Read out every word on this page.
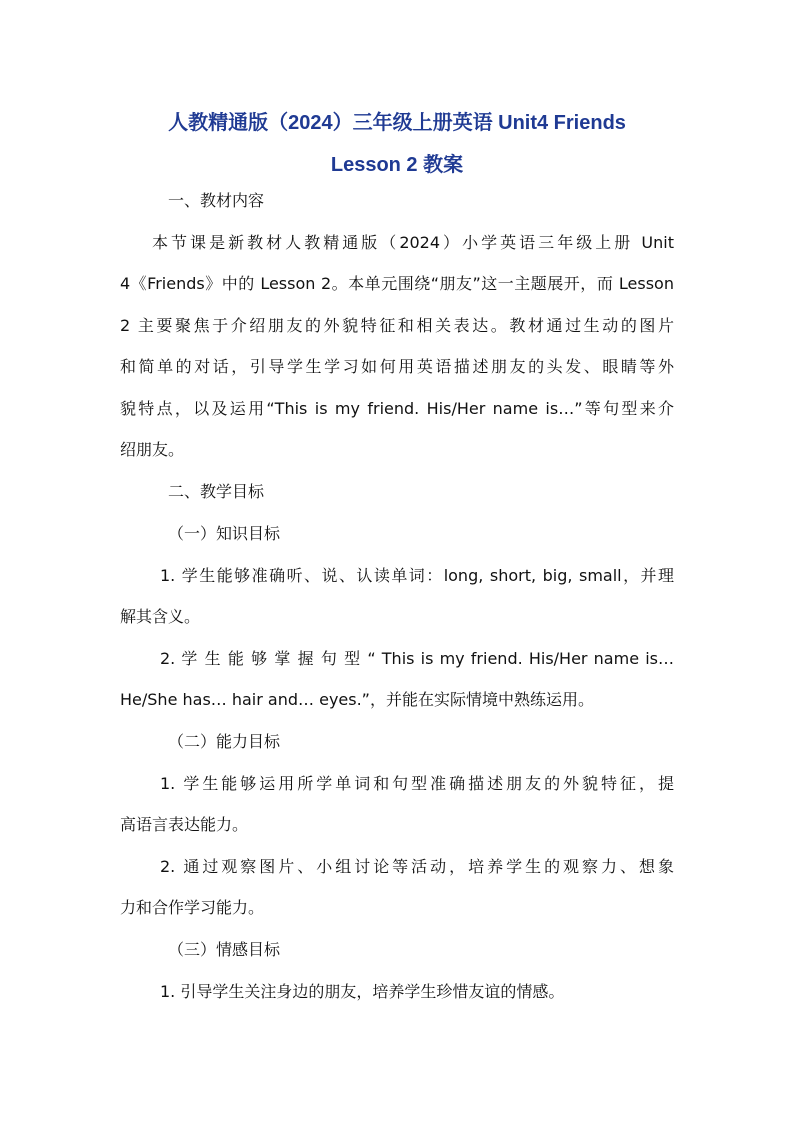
人教精通版（2024）三年级上册英语 Unit4 Friends
Lesson 2 教案
一、教材内容
本节课是新教材人教精通版（2024）小学英语三年级上册 Unit
4《Friends》中的 Lesson 2。本单元围绕“朋友”这一主题展开，而 Lesson
2 主要聚焦于介绍朋友的外貌特征和相关表达。教材通过生动的图片
和简单的对话，引导学生学习如何用英语描述朋友的头发、眼睛等外
貌特点，以及运用“This is my friend. His/Her name is…”等句型来介
绍朋友。
二、教学目标
（一）知识目标
1. 学生能够准确听、说、认读单词：long, short, big, small，并理
解其含义。
2. 学 生 能 够 掌 握 句 型 “ This is my friend. His/Her name is…
He/She has… hair and… eyes.”，并能在实际情境中熟练运用。
（二）能力目标
1. 学生能够运用所学单词和句型准确描述朋友的外貌特征，提
高语言表达能力。
2. 通过观察图片、小组讨论等活动，培养学生的观察力、想象
力和合作学习能力。
（三）情感目标
1. 引导学生关注身边的朋友，培养学生珍惜友谊的情感。
